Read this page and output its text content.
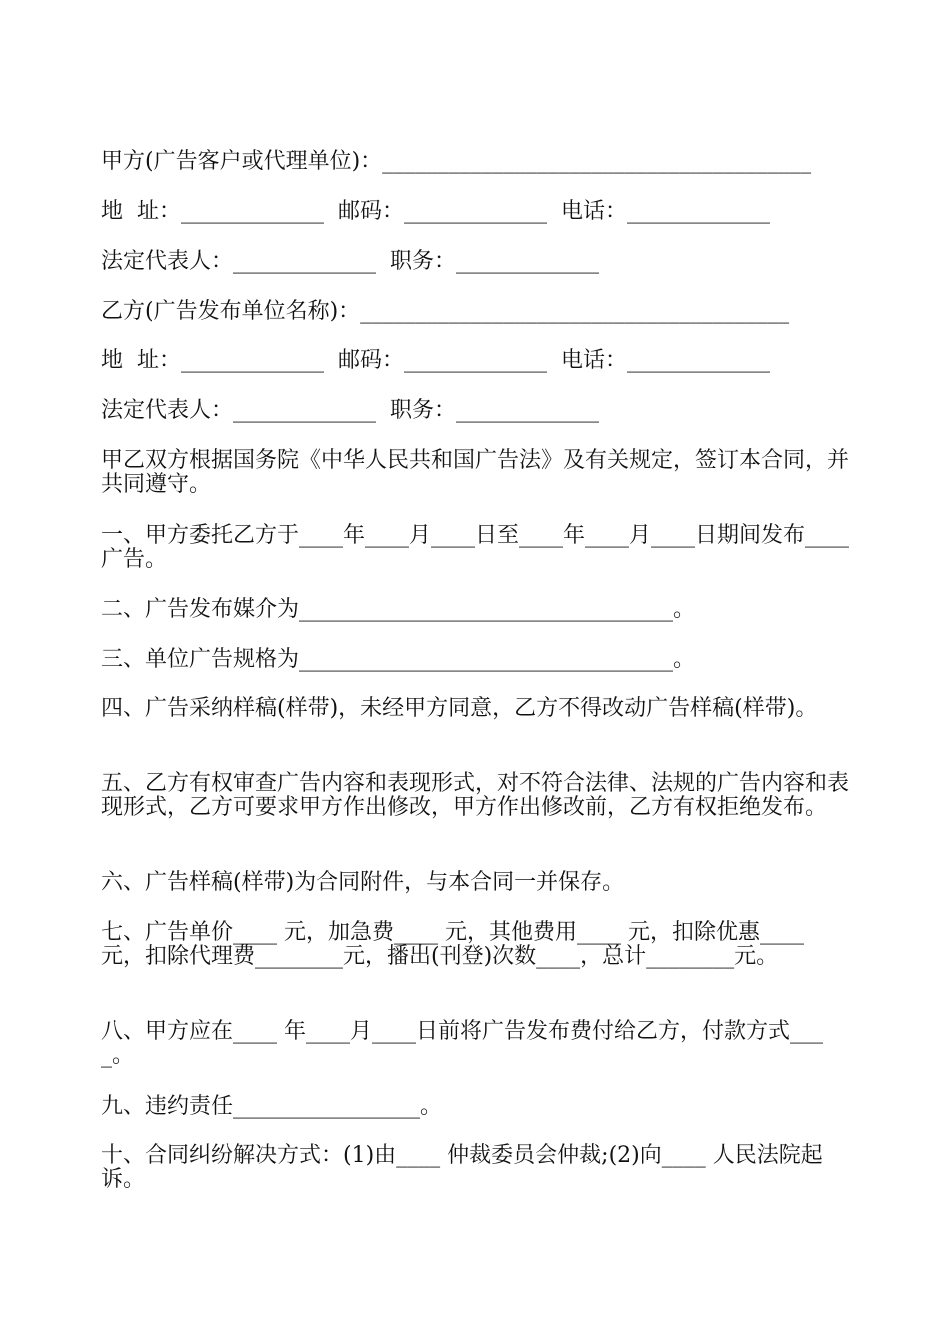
甲方(广告客户或代理单位)：_______________________________________
地  址：_____________  邮码：_____________  电话：_____________
法定代表人：_____________  职务：_____________
乙方(广告发布单位名称)：_______________________________________
地  址：_____________  邮码：_____________  电话：_____________
法定代表人：_____________  职务：_____________
甲乙双方根据国务院《中华人民共和国广告法》及有关规定，签订本合同，并共同遵守。
一、甲方委托乙方于____年____月____日至____年____月____日期间发布____ 广告。
二、广告发布媒介为__________________________________。
三、单位广告规格为__________________________________。
四、广告采纳样稿(样带)，未经甲方同意，乙方不得改动广告样稿(样带)。
五、乙方有权审查广告内容和表现形式，对不符合法律、法规的广告内容和表现形式，乙方可要求甲方作出修改，甲方作出修改前，乙方有权拒绝发布。
六、广告样稿(样带)为合同附件，与本合同一并保存。
七、广告单价____ 元，加急费____ 元，其他费用____ 元，扣除优惠____ 元，扣除代理费________元，播出(刊登)次数____，总计________元。
八、甲方应在____ 年____月____日前将广告发布费付给乙方，付款方式____。
九、违约责任_________________。
十、合同纠纷解决方式：(1)由____ 仲裁委员会仲裁;(2)向____ 人民法院起诉。
